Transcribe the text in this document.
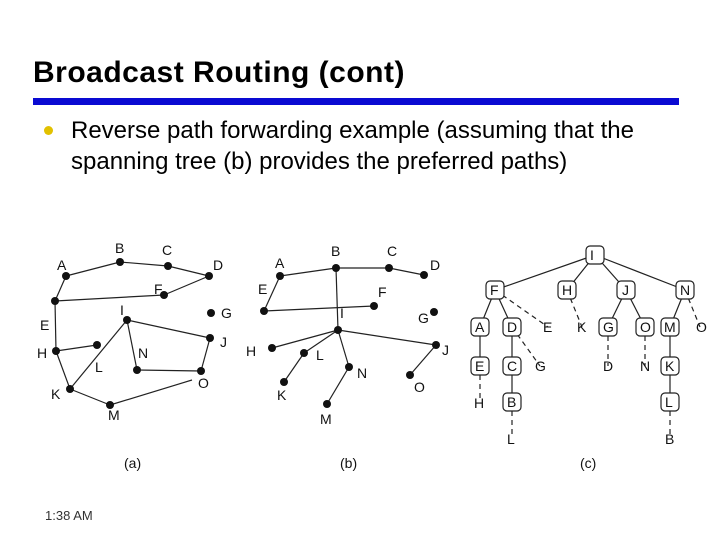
Broadcast Routing (cont)
Reverse path forwarding example (assuming that the spanning tree (b) provides the preferred paths)
A
B	C
D
E
F
G
H
I
J
K
L
M
N
O
(a)
A
B	C
D
E	F
G
H
I
J
K
L
M
N
O
(b)
I
F	H	J	N
A D E K G O M O
E C G	D N K
H B	L
L	B
(c)
1:38 AM
